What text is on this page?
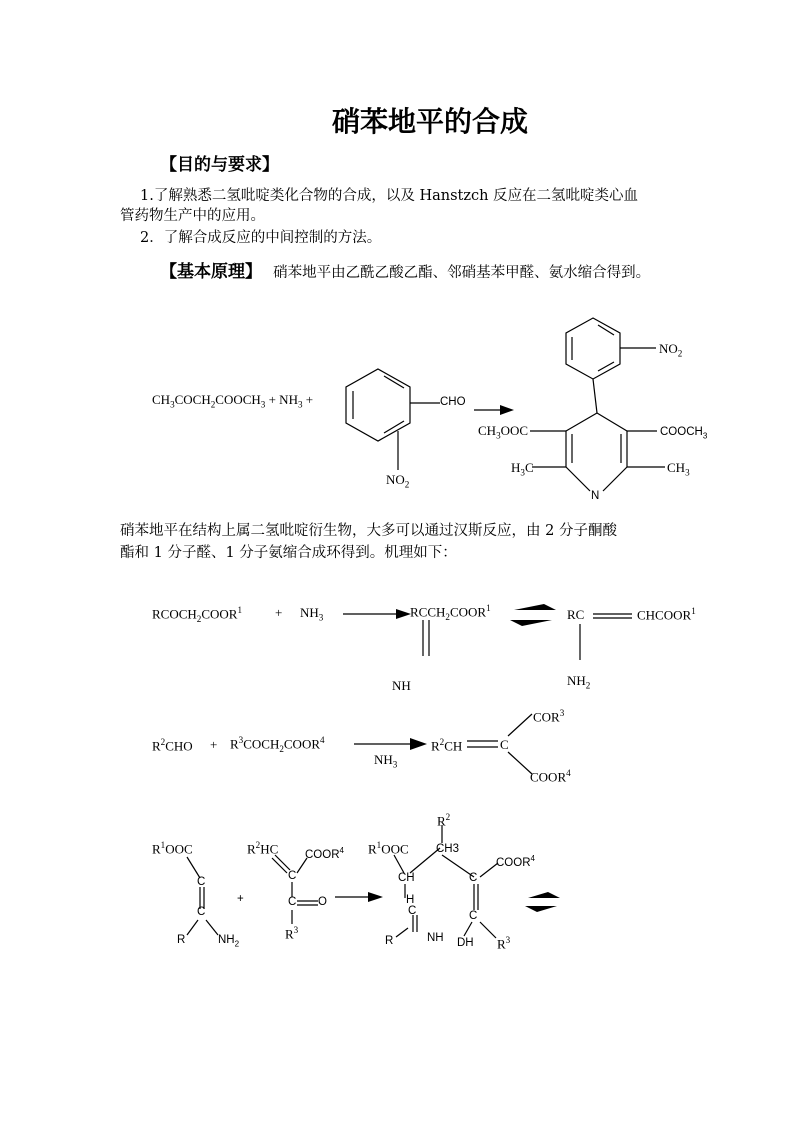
硝苯地平的合成
【目的与要求】
1.了解熟悉二氢吡啶类化合物的合成，以及 Hanstzch 反应在二氢吡啶类心血
管药物生产中的应用。
2．了解合成反应的中间控制的方法。
【基本原理】 硝苯地平由乙酰乙酸乙酯、邻硝基苯甲醛、氨水缩合得到。
硝苯地平在结构上属二氢吡啶衍生物，大多可以通过汉斯反应，由 2 分子酮酸
酯和 1 分子醛、1 分子氨缩合成环得到。机理如下：
$CH_3COCH_2COOCH_3 + NH_3$ +	CHO
$NO_2$
$NO_2$
$CH_3OOC$	$COOCH_3$
$H_3C$	$CH_3$
N
$RCOCH_2COOR^1$	+ $NH_3$	$RCCH_2COOR^1$
NH
RC	CHCOOR$^1$
$NH_2$
$R^2CHO$ + $R^3COCH_2COOR^4$
$NH_3$
$R^2CH$	C
COR$^3$
COOR$^4$
$R^1OOC$
C
C
R	$NH_2$
+
$R^2HC$ COOR$^4$
C
C O
$R^3$
$R^2$
$R^1OOC$ CH3
COOR$^4$
CH	C
H
C	C
R	NH DH $R^3$
